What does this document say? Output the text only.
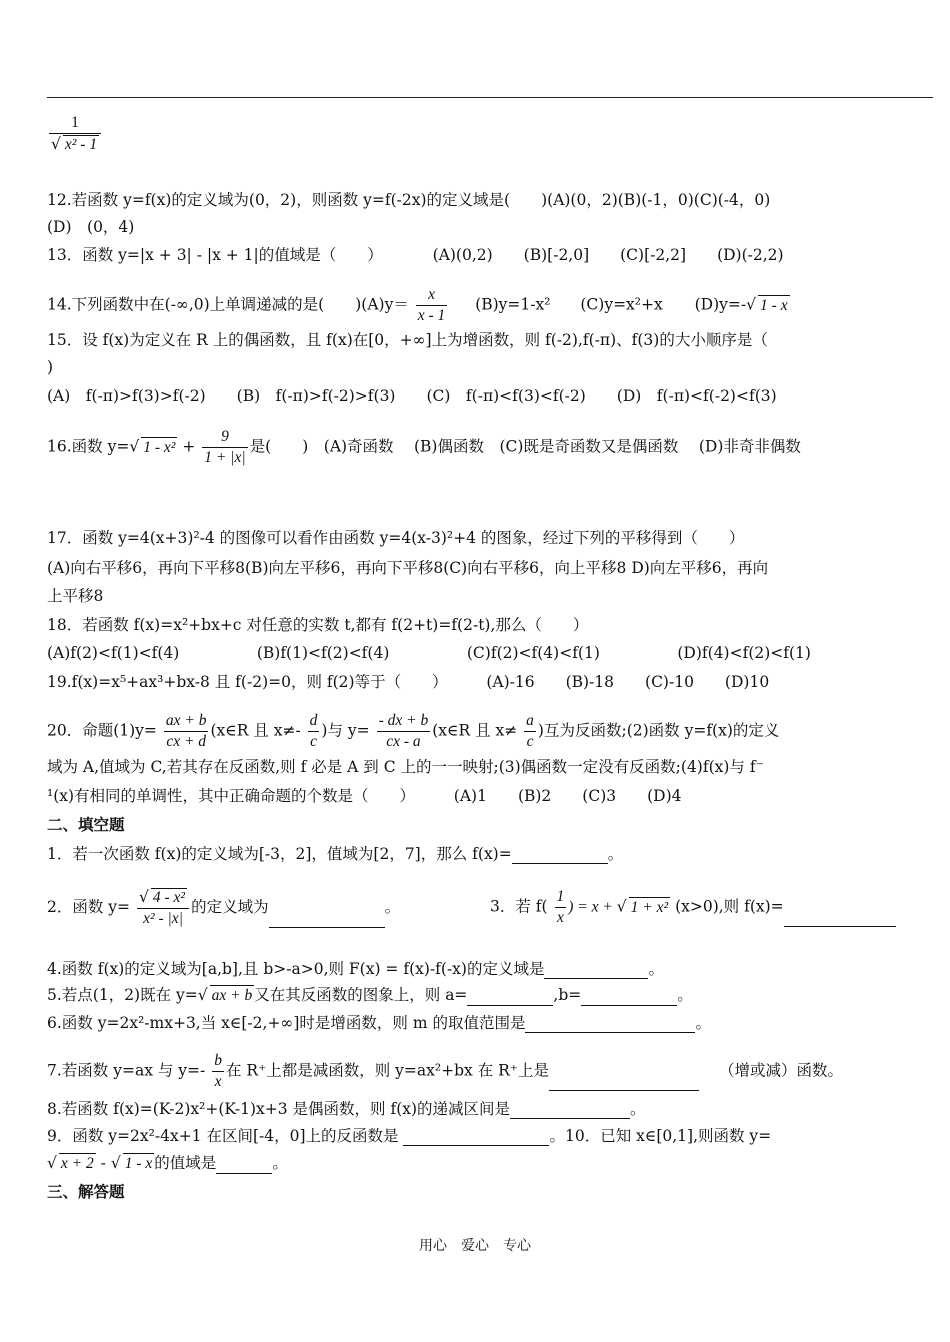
$\frac{1}{\text{√ x² - 1}}$
12.若函数 y=f(x)的定义域为(0，2)，则函数 y=f(-2x)的定义域是(　　)(A)(0，2)(B)(-1，0)(C)(-4，0)
(D)　(0，4)
13．函数 y=|x + 3| - |x + 1|的值域是（　　）	(A)(0,2)　　(B)[-2,0]　　(C)[-2,2]　　(D)(-2,2)
14.下列函数中在(-∞,0)上单调递减的是(　　)$(A)y= \frac{x}{x - 1} (B)y=1-x^2$ (C)y=x²+x (D)y=-√ 1 - x
15．设 f(x)为定义在 R 上的偶函数，且 f(x)在[0，+∞]上为增函数，则 f(-2),f(-π)、f(3)的大小顺序是（
)
(A)　f(-π)>f(3)>f(-2)　　(B)　f(-π)>f(-2)>f(3)　　(C)　f(-π)<f(3)<f(-2)　　(D)　f(-π)<f(-2)<f(3)
16.函数 y=√ $1 - x^2 + \frac{9}{1 + |x|}$ 是(　　)　(A)奇函数　 (B)偶函数　(C)既是奇函数又是偶函数　 (D)非奇非偶数
17．函数 y=4(x+3)²-4 的图像可以看作由函数 y=4(x-3)²+4 的图象，经过下列的平移得到（　　）
(A)向右平移6，再向下平移8(B)向左平移6，再向下平移8(C)向右平移6，向上平移8 D)向左平移6，再向
上平移8
18．若函数 f(x)=x²+bx+c 对任意的实数 t,都有 f(2+t)=f(2-t),那么（　　）
(A)f(2)<f(1)<f(4)　　　　　(B)f(1)<f(2)<f(4)　　　　　(C)f(2)<f(4)<f(1)　　　　　(D)f(4)<f(2)<f(1)
19.f(x)=x⁵+ax³+bx-8 且 f(-2)=0，则 f(2)等于（　　）　　　(A)-16　　(B)-18　　(C)-10　　(D)10
20．命题$(1)y= \frac{ax + b}{cx + d}$ (x∈R 且 $x\ne- \frac{d}{c}$ )与 $y= \frac{- dx + b}{cx - a}$ (x∈R 且 $x\ne \frac{a}{c}$ )互为反函数;(2)函数 y=f(x)的定义
域为 A,值域为 C,若其存在反函数,则 f 必是 A 到 C 上的一一映射;(3)偶函数一定没有反函数;(4)f(x)与 f⁻
¹(x)有相同的单调性，其中正确命题的个数是（　　）　　　(A)1　　(B)2　　(C)3　　(D)4
二、填空题
1．若一次函数 f(x)的定义域为[-3，2]，值域为[2，7]，那么 f(x)=	。
2．函数 $y= \frac{\text{√ 4 - x²}}{\text{x² - |x|}}$ 的定义域为	。	3．若 $f( \frac{1}{x}$ ) = x + √ 1 + x² (x>0),则 f(x)=
4.函数 f(x)的定义域为[a,b],且 b>-a>0,则 F(x) = f(x)-f(-x)的定义域是	。
5.若点(1，2)既在 y=√ ax + b 又在其反函数的图象上，则 a=	,b=	。
6.函数 y=2x²-mx+3,当 x∈[-2,+∞]时是增函数，则 m 的取值范围是	。
7.若函数 y=ax 与 $y=- \frac{b}{x}$ 在 R⁺上都是减函数，则 y=ax²+bx 在 R⁺上是	（增或减）函数。
8.若函数 f(x)=(K-2)x²+(K-1)x+3 是偶函数，则 f(x)的递减区间是	。
9．函数 y=2x²-4x+1 在区间[-4，0]上的反函数是	。10．已知 x∈[0,1],则函数 y=
√ x + 2 - √ 1 - x 的值域是	。
三、解答题
用心　爱心　专心
